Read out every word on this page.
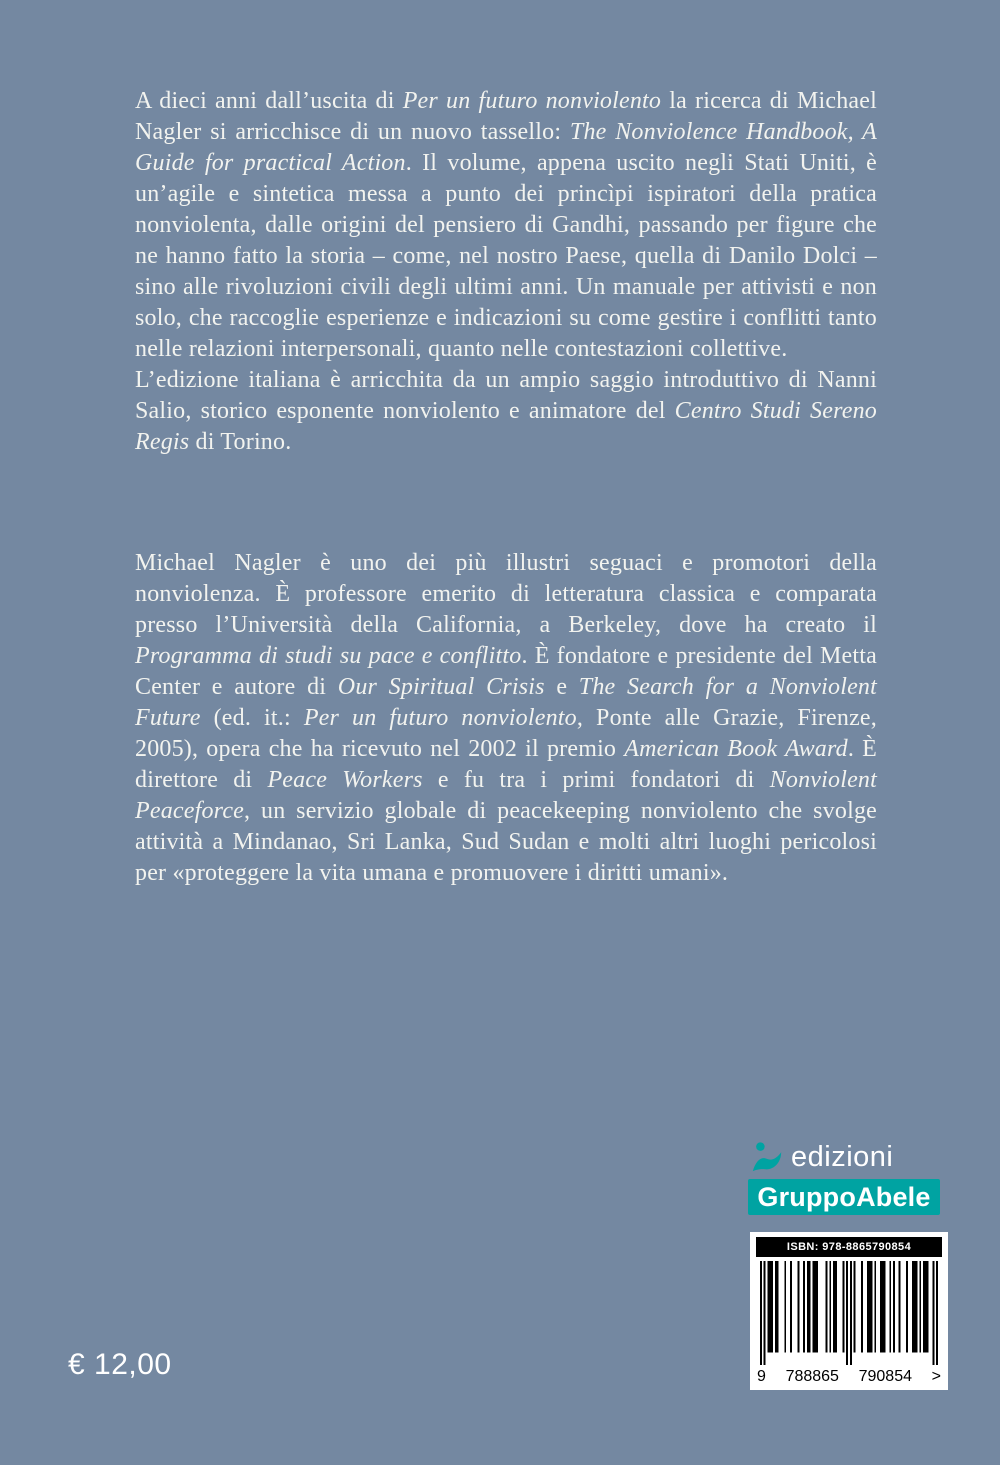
A dieci anni dall’uscita di Per un futuro nonviolento la ricerca di Michael Nagler si arricchisce di un nuovo tassello: The Nonviolence Handbook, A Guide for practical Action. Il volume, appena uscito negli Stati Uniti, è un’agile e sintetica messa a punto dei princìpi ispiratori della pratica nonviolenta, dalle origini del pensiero di Gandhi, passando per figure che ne hanno fatto la storia – come, nel nostro Paese, quella di Danilo Dolci – sino alle rivoluzioni civili degli ultimi anni. Un manuale per attivisti e non solo, che raccoglie esperienze e indicazioni su come gestire i conflitti tanto nelle relazioni interpersonali, quanto nelle contestazioni collettive.

L’edizione italiana è arricchita da un ampio saggio introduttivo di Nanni Salio, storico esponente nonviolento e animatore del Centro Studi Sereno Regis di Torino.

Michael Nagler è uno dei più illustri seguaci e promotori della nonviolenza. È professore emerito di letteratura classica e comparata presso l’Università della California, a Berkeley, dove ha creato il Programma di studi su pace e conflitto. È fondatore e presidente del Metta Center e autore di Our Spiritual Crisis e The Search for a Nonviolent Future (ed. it.: Per un futuro nonviolento, Ponte alle Grazie, Firenze, 2005), opera che ha ricevuto nel 2002 il premio American Book Award. È direttore di Peace Workers e fu tra i primi fondatori di Nonviolent Peaceforce, un servizio globale di peacekeeping nonviolento che svolge attività a Mindanao, Sri Lanka, Sud Sudan e molti altri luoghi pericolosi per «proteggere la vita umana e promuovere i diritti umani».

edizioni
GruppoAbele
ISBN: 978-8865790854
9 788865 790854 >
€ 12,00
